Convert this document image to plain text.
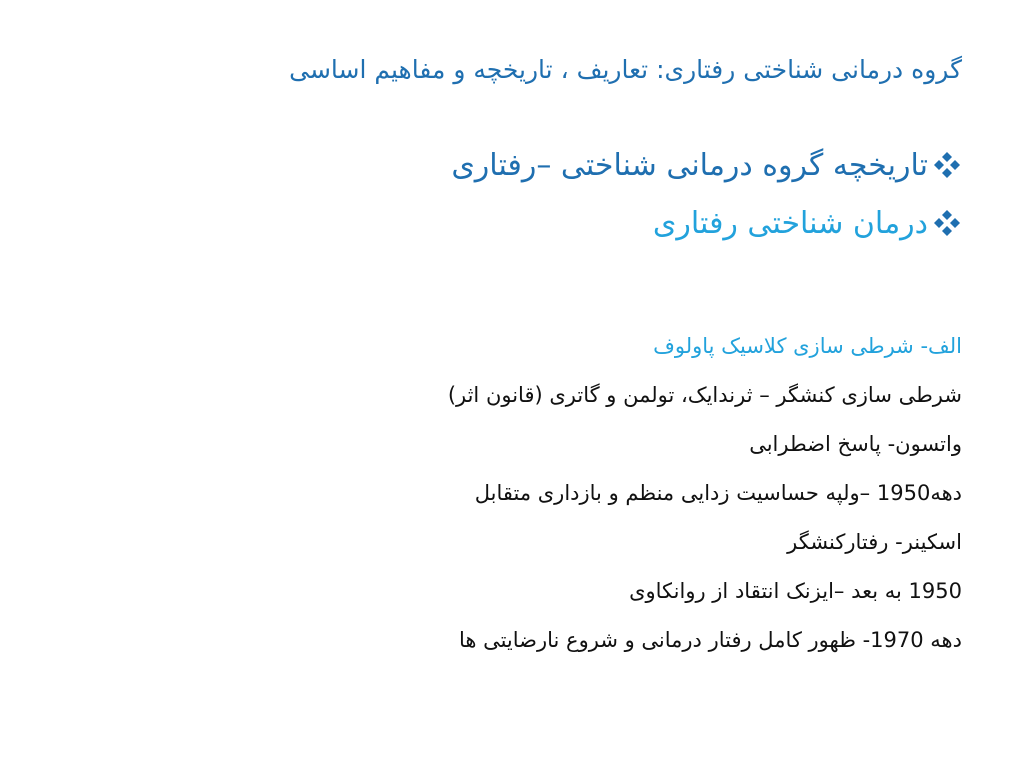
گروه درمانی شناختی رفتاری: تعاریف ، تاریخچه و مفاهیم اساسی
تاریخچه گروه درمانی شناختی –رفتاری
درمان شناختی رفتاری
الف- شرطی سازی کلاسیک پاولوف
شرطی سازی کنشگر – ثرندایک، تولمن و گاتری (قانون اثر)
واتسون- پاسخ اضطرابی
دهه1950 –ولپه حساسیت زدایی منظم و بازداری متقابل
اسکینر- رفتارکنشگر
1950 به بعد –ایزنک انتقاد از روانکاوی
دهه 1970- ظهور کامل رفتار درمانی و شروع نارضایتی ها
